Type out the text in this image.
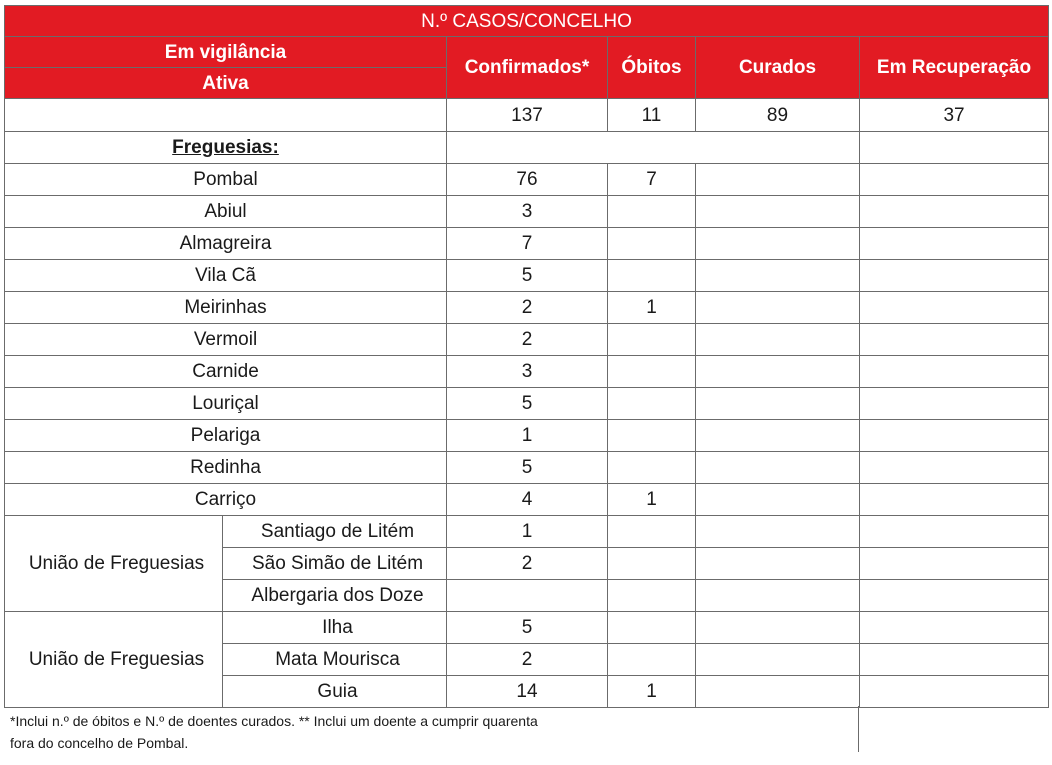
N.º CASOS/CONCELHO					
Em vigilância		Confirmados*	Óbitos	Curados	Em Recuperação
Ativa					
		137	11	89	37
Freguesias:					
Pombal		76	7		
Abiul		3			
Almagreira		7			
Vila Cã		5			
Meirinhas		2	1		
Vermoil		2			
Carnide		3			
Louriçal		5			
Pelariga		1			
Redinha		5			
Carriço		4	1		
União de Freguesias	Santiago de Litém	1			
	São Simão de Litém	2			
	Albergaria dos Doze				
União de Freguesias	Ilha	5			
	Mata Mourisca	2			
	Guia	14	1		
*Inclui n.º de óbitos e N.º de doentes curados. ** Inclui um doente a cumprir quarenta
fora do concelho de Pombal.
